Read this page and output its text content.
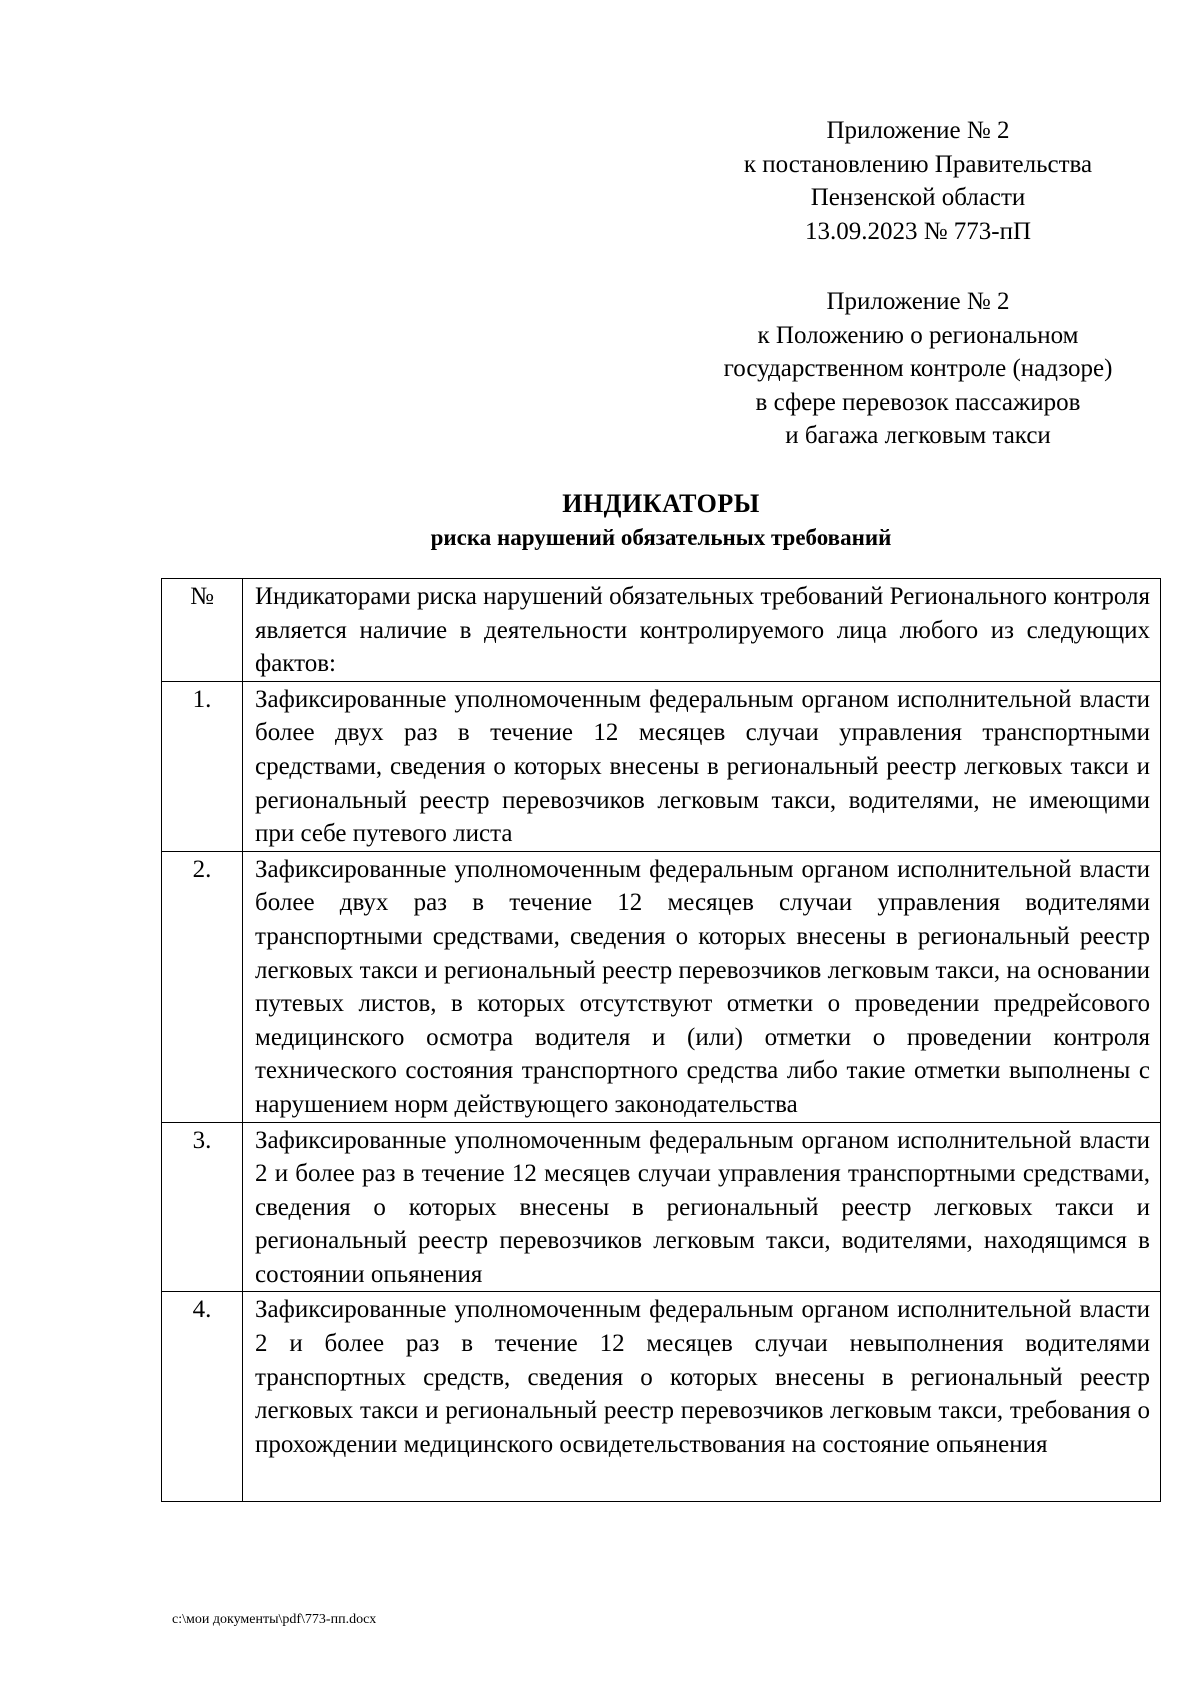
Приложение № 2
к постановлению Правительства
Пензенской области
13.09.2023 № 773-пП
Приложение № 2
к Положению о региональном
государственном контроле (надзоре)
в сфере перевозок пассажиров
и багажа легковым такси
ИНДИКАТОРЫ
риска нарушений обязательных требований
№	Индикаторами риска нарушений обязательных требований Регионального контроля является наличие в деятельности контролируемого лица любого из следующих фактов:
1.	Зафиксированные уполномоченным федеральным органом исполнительной власти более двух раз в течение 12 месяцев случаи управления транспортными средствами, сведения о которых внесены в региональный реестр легковых такси и региональный реестр перевозчиков легковым такси, водителями, не имеющими при себе путевого листа
2.	Зафиксированные уполномоченным федеральным органом исполнительной власти более двух раз в течение 12 месяцев случаи управления водителями транспортными средствами, сведения о которых внесены в региональный реестр легковых такси и региональный реестр перевозчиков легковым такси, на основании путевых листов, в которых отсутствуют отметки о проведении предрейсового медицинского осмотра водителя и (или) отметки о проведении контроля технического состояния транспортного средства либо такие отметки выполнены с нарушением норм действующего законодательства
3.	Зафиксированные уполномоченным федеральным органом исполнительной власти 2 и более раз в течение 12 месяцев случаи управления транспортными средствами, сведения о которых внесены в региональный реестр легковых такси и региональный реестр перевозчиков легковым такси, водителями, находящимся в состоянии опьянения
4.	Зафиксированные уполномоченным федеральным органом исполнительной власти 2 и более раз в течение 12 месяцев случаи невыполнения водителями транспортных средств, сведения о которых внесены в региональный реестр легковых такси и региональный реестр перевозчиков легковым такси, требования о прохождении медицинского освидетельствования на состояние опьянения
c:\мои документы\pdf\773-пп.docx
